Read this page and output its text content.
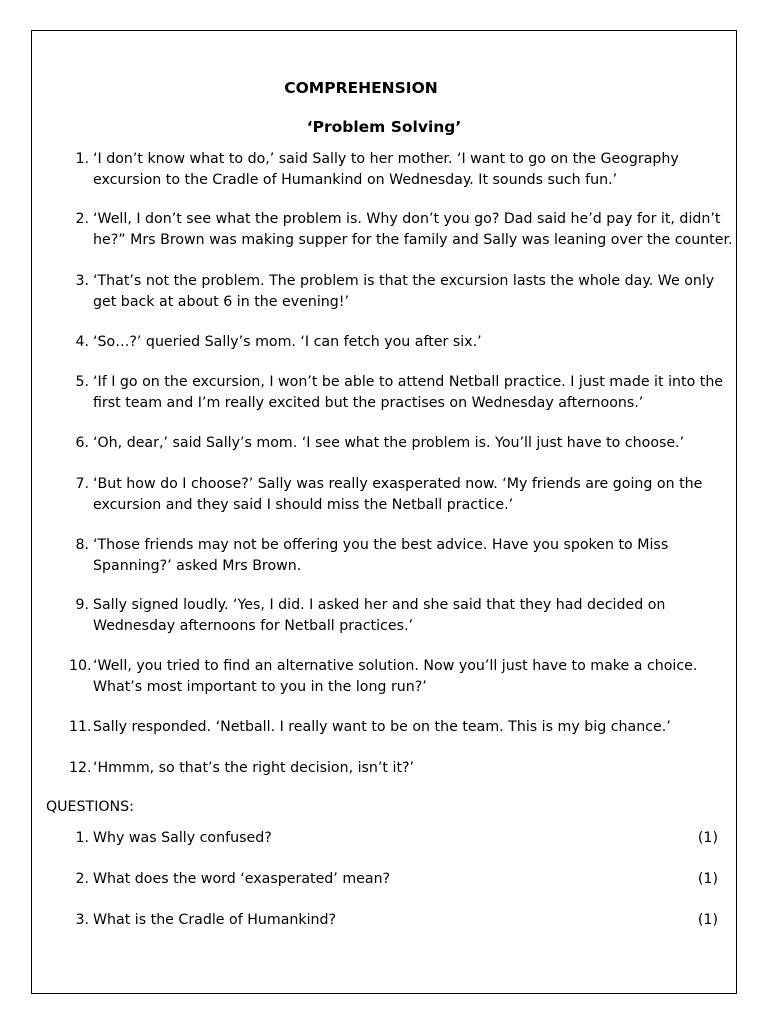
COMPREHENSION
‘Problem Solving’
1. ‘I don’t know what to do,’ said Sally to her mother. ‘I want to go on the Geography excursion to the Cradle of Humankind on Wednesday. It sounds such fun.’
2. ‘Well, I don’t see what the problem is. Why don’t you go? Dad said he’d pay for it, didn’t he?” Mrs Brown was making supper for the family and Sally was leaning over the counter.
3. ‘That’s not the problem. The problem is that the excursion lasts the whole day. We only get back at about 6 in the evening!’
4. ‘So…?’ queried Sally’s mom. ‘I can fetch you after six.’
5. ‘If I go on the excursion, I won’t be able to attend Netball practice. I just made it into the first team and I’m really excited but the practises on Wednesday afternoons.’
6. ‘Oh, dear,’ said Sally’s mom. ‘I see what the problem is. You’ll just have to choose.’
7. ‘But how do I choose?’ Sally was really exasperated now. ‘My friends are going on the excursion and they said I should miss the Netball practice.’
8. ‘Those friends may not be offering you the best advice. Have you spoken to Miss Spanning?’ asked Mrs Brown.
9. Sally signed loudly. ‘Yes, I did. I asked her and she said that they had decided on Wednesday afternoons for Netball practices.’
10. ‘Well, you tried to find an alternative solution. Now you’ll just have to make a choice. What’s most important to you in the long run?’
11. Sally responded. ‘Netball. I really want to be on the team. This is my big chance.’
12. ‘Hmmm, so that’s the right decision, isn’t it?’
QUESTIONS:
1. Why was Sally confused?	(1)
2. What does the word ‘exasperated’ mean?	(1)
3. What is the Cradle of Humankind?	(1)
